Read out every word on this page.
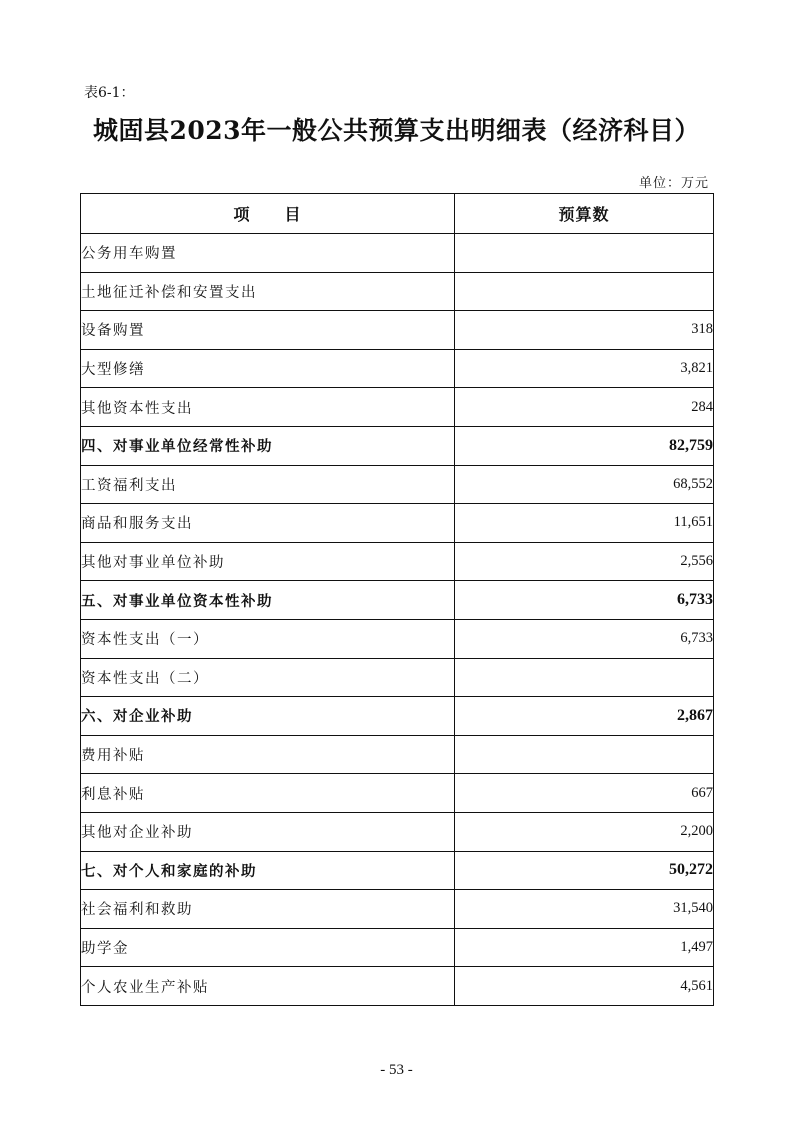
表6-1：
城固县2023年一般公共预算支出明细表（经济科目）
单位：万元
项　　目	预算数
公务用车购置	
土地征迁补偿和安置支出	
设备购置	318
大型修缮	3,821
其他资本性支出	284
四、对事业单位经常性补助	82,759
工资福利支出	68,552
商品和服务支出	11,651
其他对事业单位补助	2,556
五、对事业单位资本性补助	6,733
资本性支出（一）	6,733
资本性支出（二）	
六、对企业补助	2,867
费用补贴	
利息补贴	667
其他对企业补助	2,200
七、对个人和家庭的补助	50,272
社会福利和救助	31,540
助学金	1,497
个人农业生产补贴	4,561
- 53 -
